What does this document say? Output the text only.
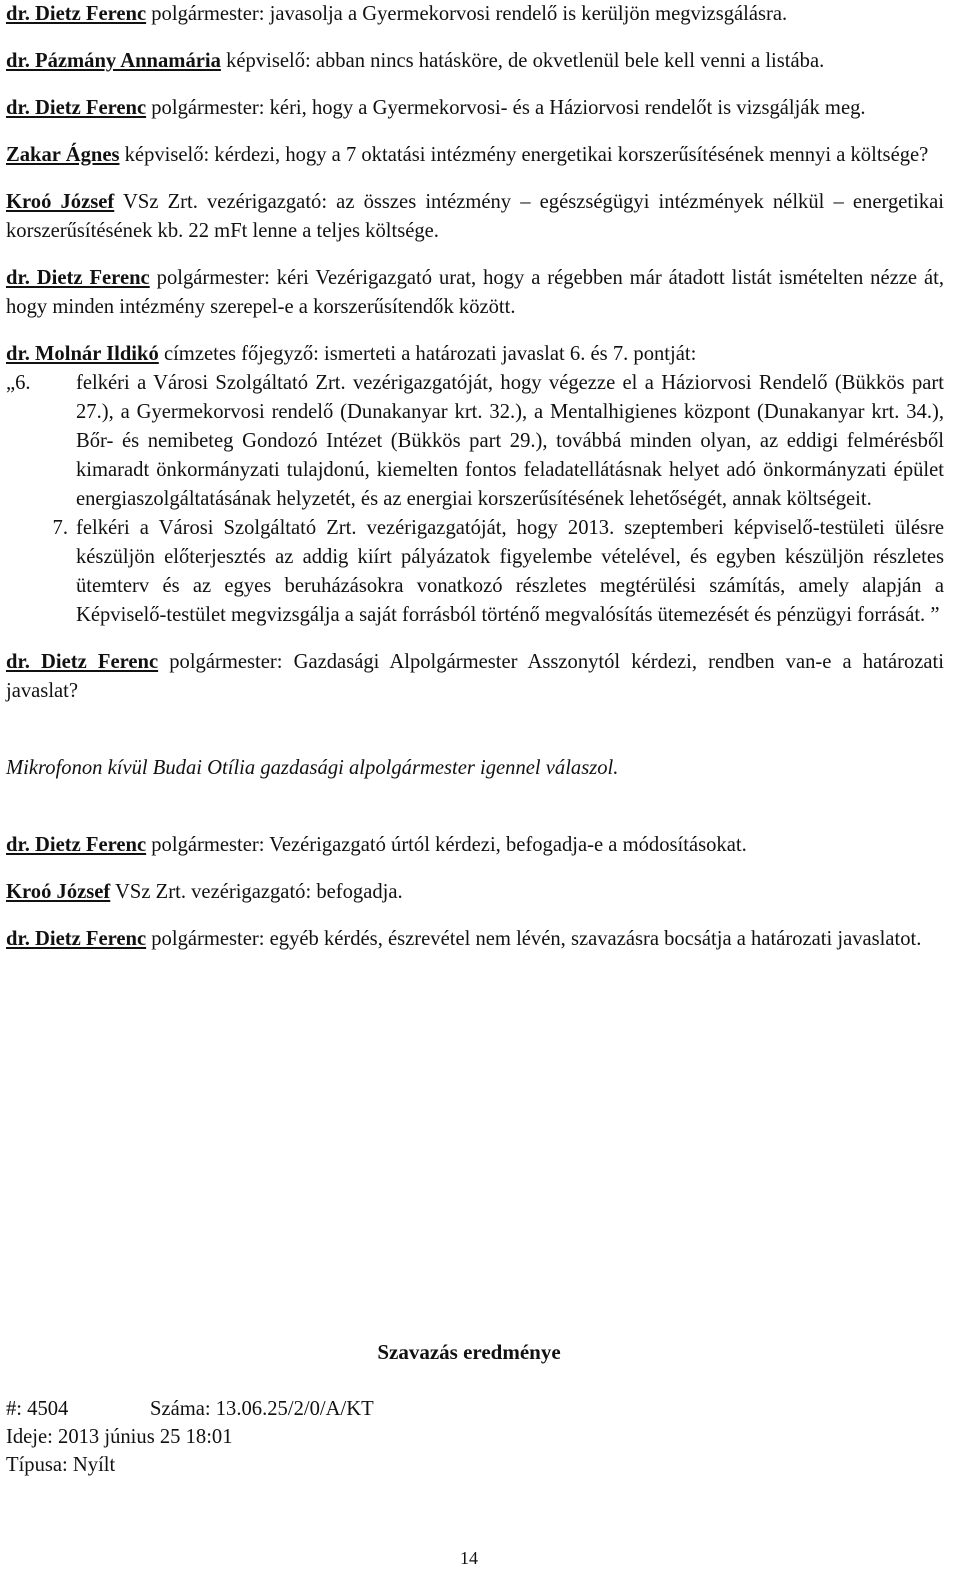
dr. Dietz Ferenc polgármester: javasolja a Gyermekorvosi rendelő is kerüljön megvizsgálásra.

dr. Pázmány Annamária képviselő: abban nincs hatásköre, de okvetlenül bele kell venni a listába.

dr. Dietz Ferenc polgármester: kéri, hogy a Gyermekorvosi- és a Háziorvosi rendelőt is vizsgálják meg.

Zakar Ágnes képviselő: kérdezi, hogy a 7 oktatási intézmény energetikai korszerűsítésének mennyi a költsége?

Kroó József VSz Zrt. vezérigazgató: az összes intézmény – egészségügyi intézmények nélkül – energetikai korszerűsítésének kb. 22 mFt lenne a teljes költsége.

dr. Dietz Ferenc polgármester: kéri Vezérigazgató urat, hogy a régebben már átadott listát ismételten nézze át, hogy minden intézmény szerepel-e a korszerűsítendők között.

dr. Molnár Ildikó címzetes főjegyző: ismerteti a határozati javaslat 6. és 7. pontját:

„6.	felkéri a Városi Szolgáltató Zrt. vezérigazgatóját, hogy végezze el a Háziorvosi Rendelő (Bükkös part 27.), a Gyermekorvosi rendelő (Dunakanyar krt. 32.), a Mentalhigienes központ (Dunakanyar krt. 34.), Bőr- és nemibeteg Gondozó Intézet (Bükkös part 29.), továbbá minden olyan, az eddigi felmérésből kimaradt önkormányzati tulajdonú, kiemelten fontos feladatellátásnak helyet adó önkormányzati épület energiaszolgáltatásának helyzetét, és az energiai korszerűsítésének lehetőségét, annak költségeit.
7. felkéri a Városi Szolgáltató Zrt. vezérigazgatóját, hogy 2013. szeptemberi képviselő-testületi ülésre készüljön előterjesztés az addig kiírt pályázatok figyelembe vételével, és egyben készüljön részletes ütemterv és az egyes beruházásokra vonatkozó részletes megtérülési számítás, amely alapján a Képviselő-testület megvizsgálja a saját forrásból történő megvalósítás ütemezését és pénzügyi forrását. ”

dr. Dietz Ferenc polgármester: Gazdasági Alpolgármester Asszonytól kérdezi, rendben van-e a határozati javaslat?

Mikrofonon kívül Budai Otília gazdasági alpolgármester igennel válaszol.

dr. Dietz Ferenc polgármester: Vezérigazgató úrtól kérdezi, befogadja-e a módosításokat.

Kroó József VSz Zrt. vezérigazgató: befogadja.

dr. Dietz Ferenc polgármester: egyéb kérdés, észrevétel nem lévén, szavazásra bocsátja a határozati javaslatot.

Szavazás eredménye
#: 4504	Száma: 13.06.25/2/0/A/KT
Ideje: 2013 június 25 18:01
Típusa: Nyílt
14
